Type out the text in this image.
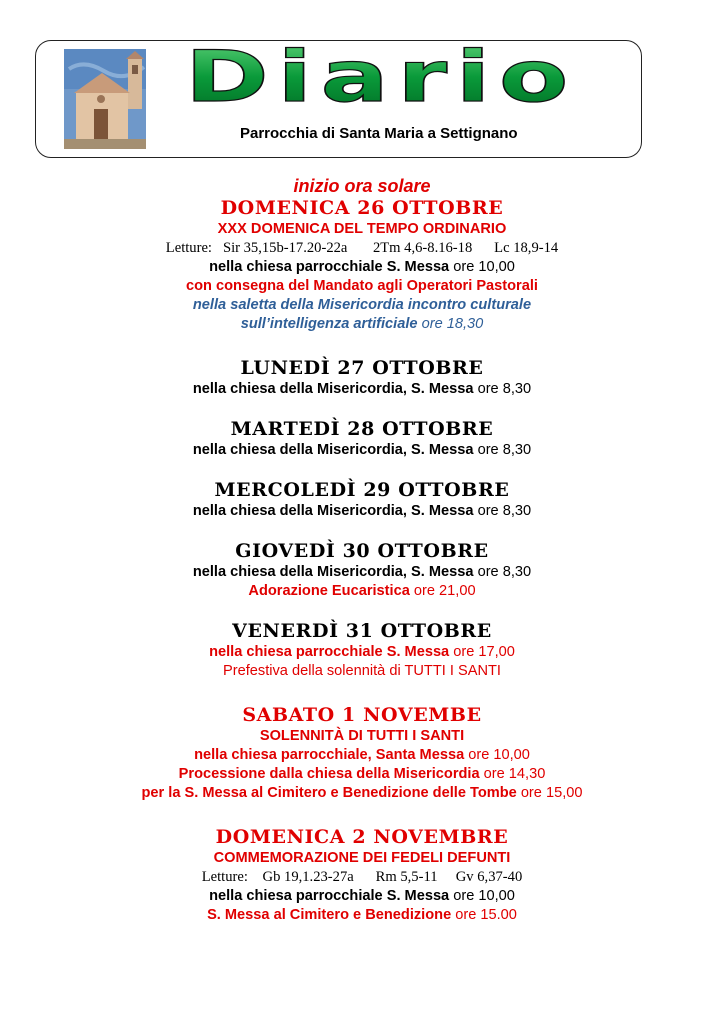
Diario
Parrocchia di Santa Maria a Settignano
inizio ora solare
DOMENICA 26 OTTOBRE
XXX DOMENICA DEL TEMPO ORDINARIO
Letture: Sir 35,15b-17.20-22a 2Tm 4,6-8.16-18 Lc 18,9-14
nella chiesa parrocchiale S. Messa ore 10,00
con consegna del Mandato agli Operatori Pastorali
nella saletta della Misericordia incontro culturale
sull’intelligenza artificiale ore 18,30
LUNEDÌ 27 OTTOBRE
nella chiesa della Misericordia, S. Messa ore 8,30
MARTEDÌ 28 OTTOBRE
nella chiesa della Misericordia, S. Messa ore 8,30
MERCOLEDÌ 29 OTTOBRE
nella chiesa della Misericordia, S. Messa ore 8,30
GIOVEDÌ 30 OTTOBRE
nella chiesa della Misericordia, S. Messa ore 8,30
Adorazione Eucaristica ore 21,00
VENERDÌ 31 OTTOBRE
nella chiesa parrocchiale S. Messa ore 17,00
Prefestiva della solennità di TUTTI I SANTI
SABATO 1 NOVEMBE
SOLENNITÀ DI TUTTI I SANTI
nella chiesa parrocchiale, Santa Messa ore 10,00
Processione dalla chiesa della Misericordia ore 14,30
per la S. Messa al Cimitero e Benedizione delle Tombe ore 15,00
DOMENICA 2 NOVEMBRE
COMMEMORAZIONE DEI FEDELI DEFUNTI
Letture: Gb 19,1.23-27a Rm 5,5-11 Gv 6,37-40
nella chiesa parrocchiale S. Messa ore 10,00
S. Messa al Cimitero e Benedizione ore 15.00
